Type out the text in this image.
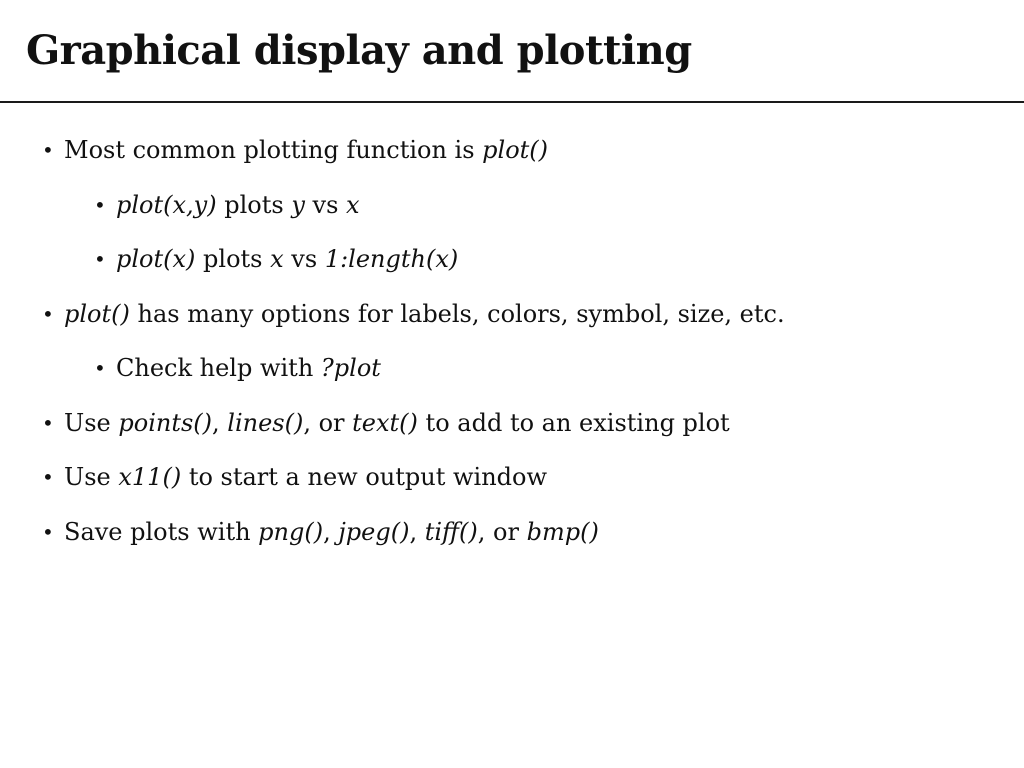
Graphical display and plotting
• Most common plotting function is plot()
• plot(x,y) plots y vs x
• plot(x) plots x vs 1:length(x)
• plot() has many options for labels, colors, symbol, size, etc.
• Check help with ?plot
• Use points(), lines(), or text() to add to an existing plot
• Use x11() to start a new output window
• Save plots with png(), jpeg(), tiff(), or bmp()
